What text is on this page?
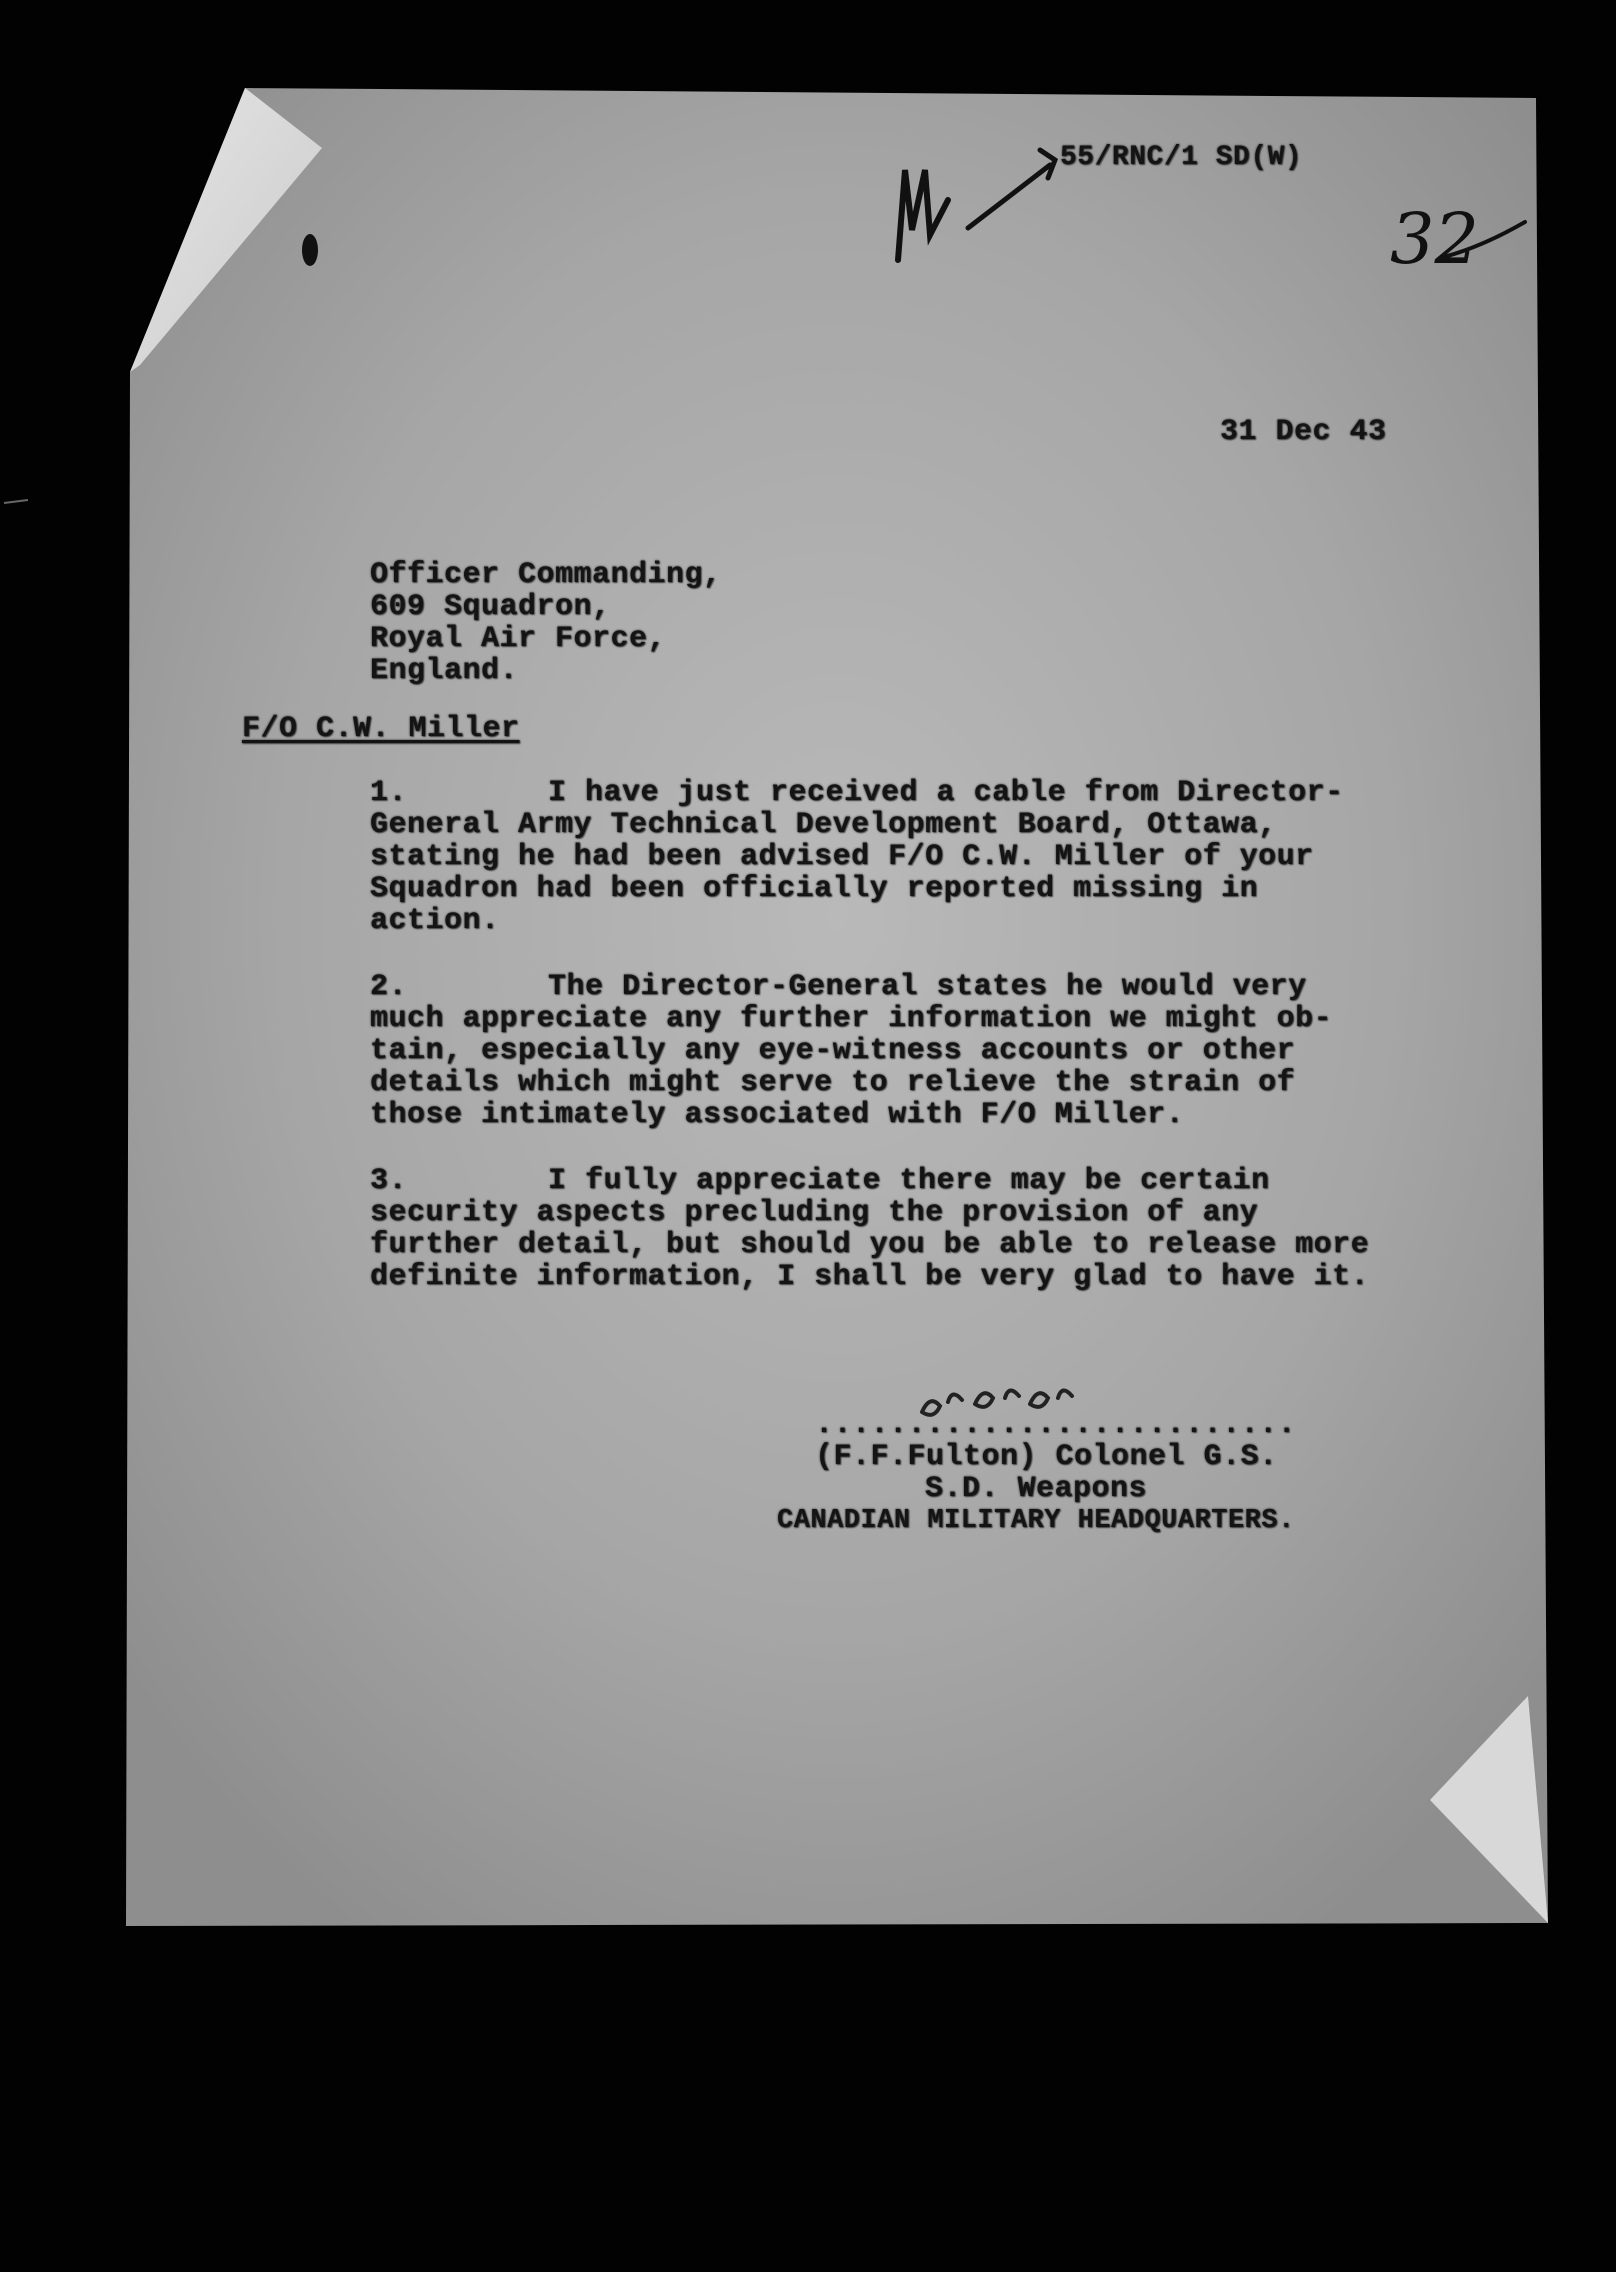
55/RNC/1 SD(W)
32
31 Dec 43
Officer Commanding,
609 Squadron,
Royal Air Force,
England.
F/O C.W. Miller
1.	I have just received a cable from Director-
General Army Technical Development Board, Ottawa,
stating he had been advised F/O C.W. Miller of your
Squadron had been officially reported missing in
action.
2.	The Director-General states he would very
much appreciate any further information we might ob-
tain, especially any eye-witness accounts or other
details which might serve to relieve the strain of
those intimately associated with F/O Miller.
3.	I fully appreciate there may be certain
security aspects precluding the provision of any
further detail, but should you be able to release more
definite information, I shall be very glad to have it.
..........................
(F.F.Fulton) Colonel G.S.
S.D. Weapons
CANADIAN MILITARY HEADQUARTERS.
